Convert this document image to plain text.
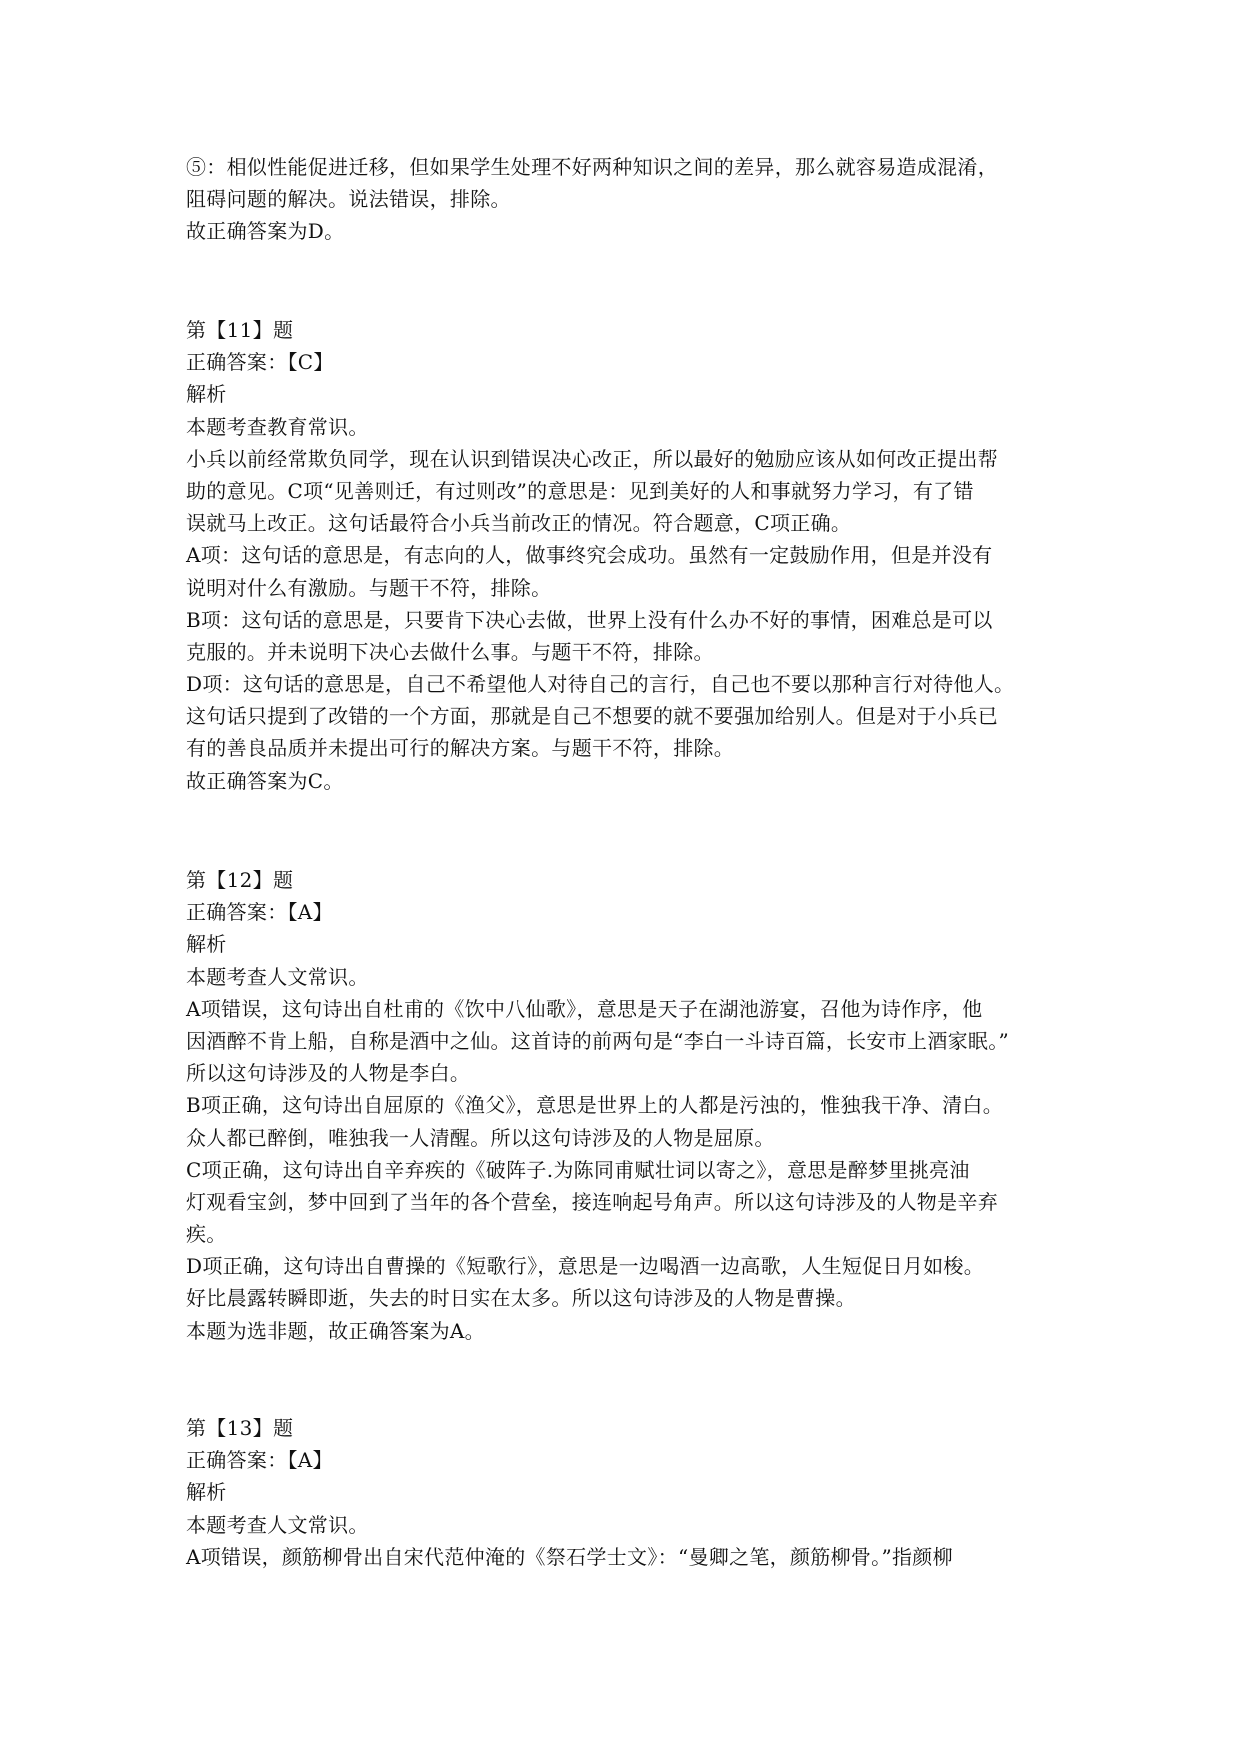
⑤：相似性能促进迁移，但如果学生处理不好两种知识之间的差异，那么就容易造成混淆，
阻碍问题的解决。说法错误，排除。
故正确答案为D。
第【11】题
正确答案：【C】
解析
本题考查教育常识。
小兵以前经常欺负同学，现在认识到错误决心改正，所以最好的勉励应该从如何改正提出帮
助的意见。C项“见善则迁，有过则改”的意思是：见到美好的人和事就努力学习，有了错
误就马上改正。这句话最符合小兵当前改正的情况。符合题意，C项正确。
A项：这句话的意思是，有志向的人，做事终究会成功。虽然有一定鼓励作用，但是并没有
说明对什么有激励。与题干不符，排除。
B项：这句话的意思是，只要肯下决心去做，世界上没有什么办不好的事情，困难总是可以
克服的。并未说明下决心去做什么事。与题干不符，排除。
D项：这句话的意思是，自己不希望他人对待自己的言行，自己也不要以那种言行对待他人。
这句话只提到了改错的一个方面，那就是自己不想要的就不要强加给别人。但是对于小兵已
有的善良品质并未提出可行的解决方案。与题干不符，排除。
故正确答案为C。
第【12】题
正确答案：【A】
解析
本题考查人文常识。
A项错误，这句诗出自杜甫的《饮中八仙歌》，意思是天子在湖池游宴，召他为诗作序，他
因酒醉不肯上船，自称是酒中之仙。这首诗的前两句是“李白一斗诗百篇，长安市上酒家眠。”
所以这句诗涉及的人物是李白。
B项正确，这句诗出自屈原的《渔父》，意思是世界上的人都是污浊的，惟独我干净、清白。
众人都已醉倒，唯独我一人清醒。所以这句诗涉及的人物是屈原。
C项正确，这句诗出自辛弃疾的《破阵子.为陈同甫赋壮词以寄之》，意思是醉梦里挑亮油
灯观看宝剑，梦中回到了当年的各个营垒，接连响起号角声。所以这句诗涉及的人物是辛弃
疾。
D项正确，这句诗出自曹操的《短歌行》，意思是一边喝酒一边高歌，人生短促日月如梭。
好比晨露转瞬即逝，失去的时日实在太多。所以这句诗涉及的人物是曹操。
本题为选非题，故正确答案为A。
第【13】题
正确答案：【A】
解析
本题考查人文常识。
A项错误，颜筋柳骨出自宋代范仲淹的《祭石学士文》：“曼卿之笔，颜筋柳骨。”指颜柳
